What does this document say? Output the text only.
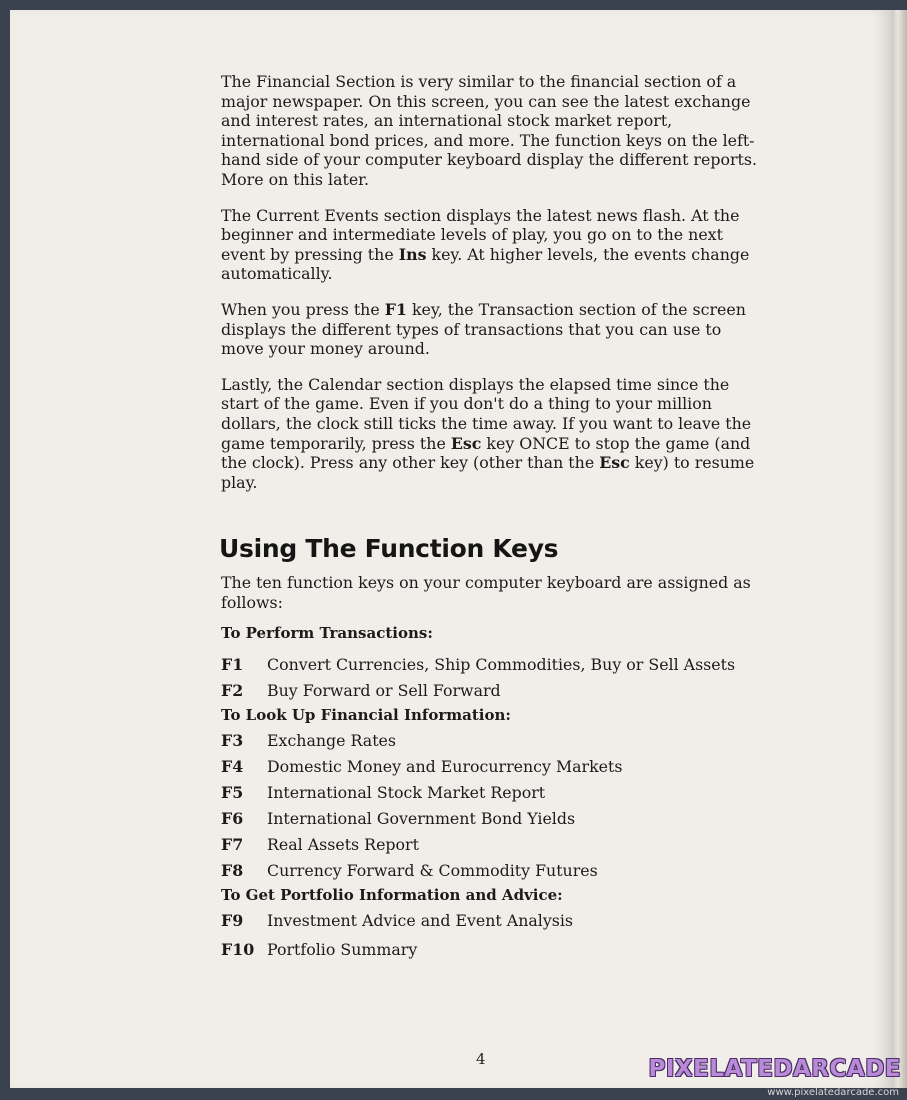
The Financial Section is very similar to the financial section of a major newspaper. On this screen, you can see the latest exchange and interest rates, an international stock market report, international bond prices, and more. The function keys on the left-hand side of your computer keyboard display the different reports. More on this later.

The Current Events section displays the latest news flash. At the beginner and intermediate levels of play, you go on to the next event by pressing the Ins key. At higher levels, the events change automatically.

When you press the F1 key, the Transaction section of the screen displays the different types of transactions that you can use to move your money around.

Lastly, the Calendar section displays the elapsed time since the start of the game. Even if you don't do a thing to your million dollars, the clock still ticks the time away. If you want to leave the game temporarily, press the Esc key ONCE to stop the game (and the clock). Press any other key (other than the Esc key) to resume play.

Using The Function Keys

The ten function keys on your computer keyboard are assigned as follows:

To Perform Transactions:
F1	Convert Currencies, Ship Commodities, Buy or Sell Assets
F2	Buy Forward or Sell Forward
To Look Up Financial Information:
F3	Exchange Rates
F4	Domestic Money and Eurocurrency Markets
F5	International Stock Market Report
F6	International Government Bond Yields
F7	Real Assets Report
F8	Currency Forward & Commodity Futures
To Get Portfolio Information and Advice:
F9	Investment Advice and Event Analysis
F10 Portfolio Summary
4	PIXELATEDARCADE
www.pixelatedarcade.com
